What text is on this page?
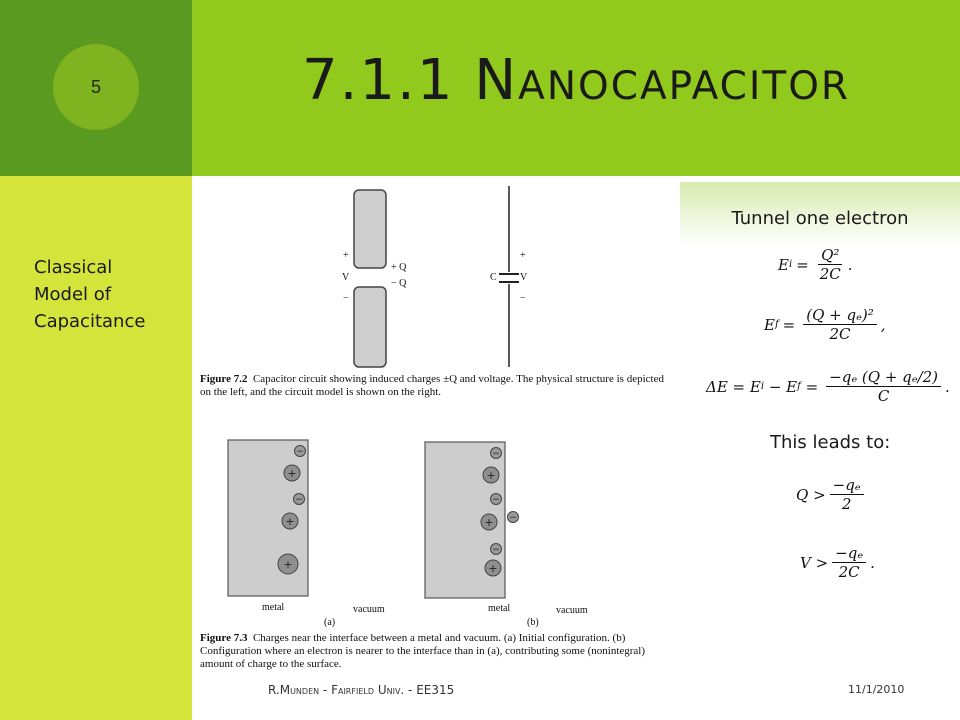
5	7.1.1 Nanocapacitor
Classical
Model of
Capacitance
+
V
−
+ Q
− Q
C
+
V
−
Figure 7.2 Capacitor circuit showing induced charges ±Q and voltage. The physical structure is depicted on the left, and the circuit model is shown on the right.
−
+
−
+
+
−
+
−
+ −
−
+
metal	vacuum
(a)
metal	vacuum
(b)
Figure 7.3 Charges near the interface between a metal and vacuum. (a) Initial configuration. (b) Configuration where an electron is nearer to the interface than in (a), contributing some (nonintegral) amount of charge to the surface.
Tunnel one electron
E $i = \frac{\text{Q²}}{2C}$ .
E $f = \frac{\text{(Q + qₑ)²}}{2C}$ ,
ΔE = E i − E $f = \frac{\text{−qₑ (Q + qₑ/2)}}{C}$ .
This leads to:
$Q > \frac{\text{−qₑ}}{2}$
$V > \frac{\text{−qₑ}}{2C}$ .
R.Munden - Fairfield Univ. - EE315	11/1/2010
